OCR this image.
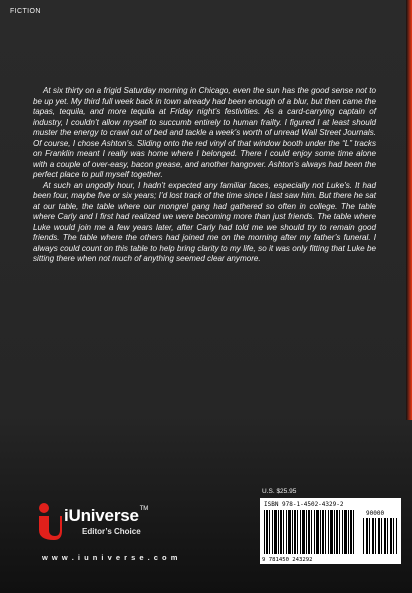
FICTION

At six thirty on a frigid Saturday morning in Chicago, even the sun has the good sense not to be up yet. My third full week back in town already had been enough of a blur, but then came the tapas, tequila, and more tequila at Friday night’s festivities. As a card-carrying captain of industry, I couldn’t allow myself to succumb entirely to human frailty. I figured I at least should muster the energy to crawl out of bed and tackle a week’s worth of unread Wall Street Journals. Of course, I chose Ashton’s. Sliding onto the red vinyl of that window booth under the “L” tracks on Franklin meant I really was home where I belonged. There I could enjoy some time alone with a couple of over-easy, bacon grease, and another hangover. Ashton’s always had been the perfect place to pull myself together.

At such an ungodly hour, I hadn’t expected any familiar faces, especially not Luke’s. It had been four, maybe five or six years; I’d lost track of the time since I last saw him. But there he sat at our table, the table where our mongrel gang had gathered so often in college. The table where Carly and I first had realized we were becoming more than just friends. The table where Luke would join me a few years later, after Carly had told me we should try to remain good friends. The table where the others had joined me on the morning after my father’s funeral. I always could count on this table to help bring clarity to my life, so it was only fitting that Luke be sitting there when not much of anything seemed clear anymore.

iUniverse™
Editor’s Choice
w w w . i u n i v e r s e . c o m
U.S. $25.95
ISBN 978-1-4502-4329-2
90000
9 781450 243292
